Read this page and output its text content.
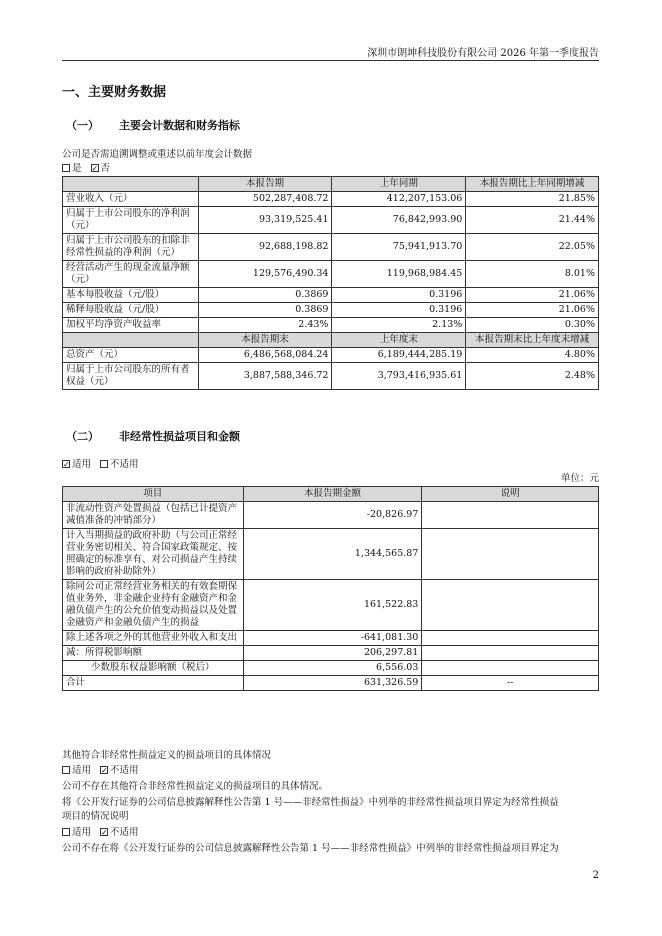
深圳市朗坤科技股份有限公司 2026 年第一季度报告
一、主要财务数据
（一） 主要会计数据和财务指标
公司是否需追溯调整或重述以前年度会计数据
是 ✓ 否
	本报告期	上年同期	本报告期比上年同期增减
营业收入（元）	502,287,408.72	412,207,153.06	21.85%
归属于上市公司股东的净利润（元）	93,319,525.41	76,842,993.90	21.44%
归属于上市公司股东的扣除非经常性损益的净利润（元）	92,688,198.82	75,941,913.70	22.05%
经营活动产生的现金流量净额（元）	129,576,490.34	119,968,984.45	8.01%
基本每股收益（元/股）	0.3869	0.3196	21.06%
稀释每股收益（元/股）	0.3869	0.3196	21.06%
加权平均净资产收益率	2.43%	2.13%	0.30%
	本报告期末	上年度末	本报告期末比上年度末增减
总资产（元）	6,486,568,084.24	6,189,444,285.19	4.80%
归属于上市公司股东的所有者权益（元）	3,887,588,346.72	3,793,416,935.61	2.48%
（二） 非经常性损益项目和金额
✓适用 不适用
单位：元
项目	本报告期金额	说明
非流动性资产处置损益（包括已计提资产减值准备的冲销部分）	-20,826.97	
计入当期损益的政府补助（与公司正常经营业务密切相关、符合国家政策规定、按照确定的标准享有、对公司损益产生持续影响的政府补助除外）	1,344,565.87	
除同公司正常经营业务相关的有效套期保值业务外，非金融企业持有金融资产和金融负债产生的公允价值变动损益以及处置金融资产和金融负债产生的损益	161,522.83	
除上述各项之外的其他营业外收入和支出	-641,081.30	
减：所得税影响额	206,297.81	
少数股东权益影响额（税后）	6,556.03	
合计	631,326.59	--
其他符合非经常性损益定义的损益项目的具体情况
适用 ✓ 不适用
公司不存在其他符合非经常性损益定义的损益项目的具体情况。
将《公开发行证券的公司信息披露解释性公告第 1 号——非经常性损益》中列举的非经常性损益项目界定为经常性损益
项目的情况说明
适用 ✓ 不适用
公司不存在将《公开发行证券的公司信息披露解释性公告第 1 号——非经常性损益》中列举的非经常性损益项目界定为
2
